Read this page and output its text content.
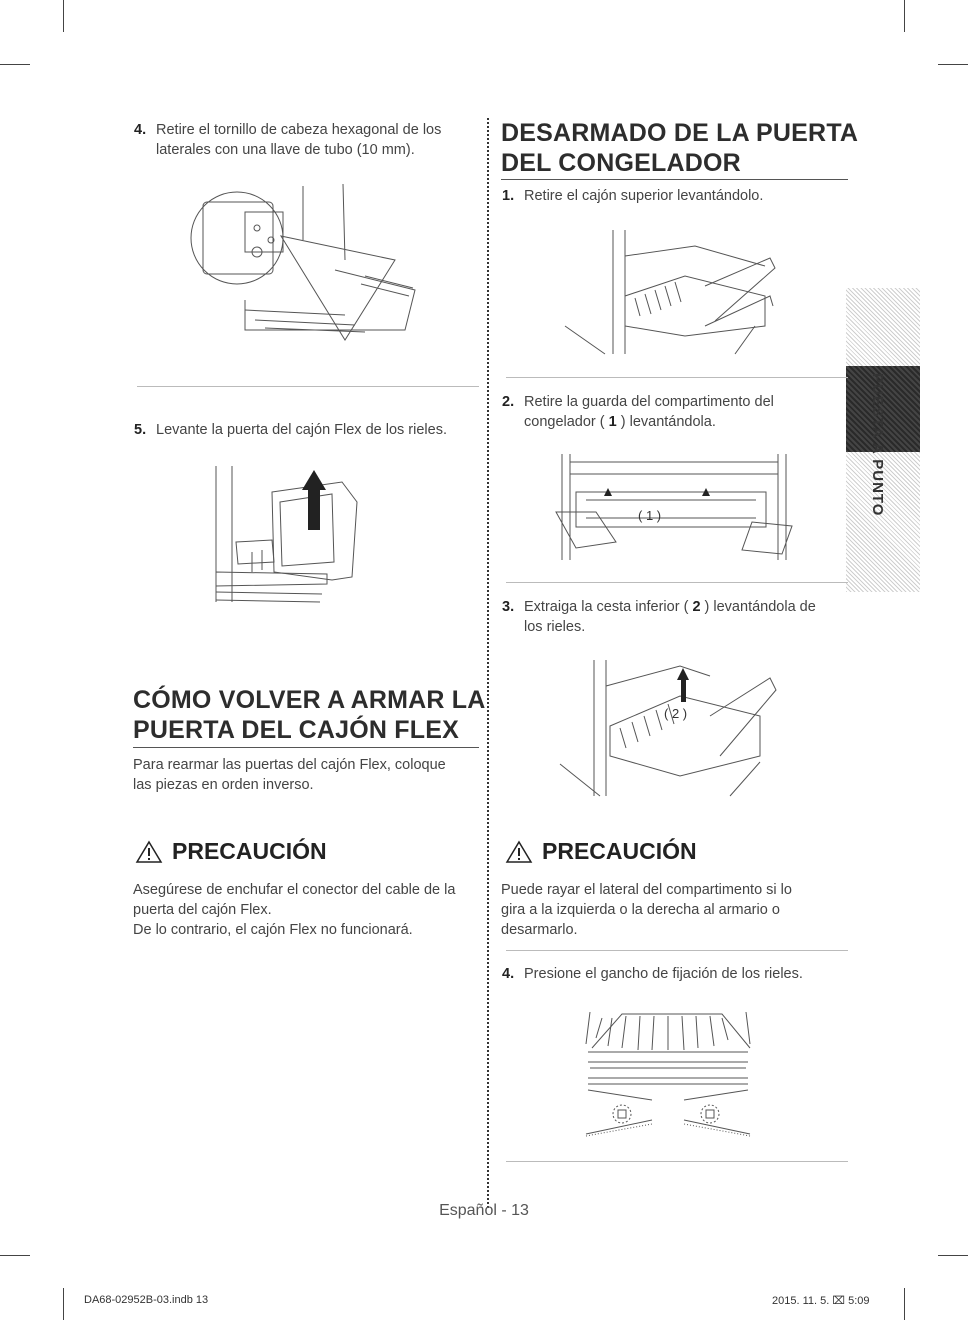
PUESTA A PUNTO
4. Retire el tornillo de cabeza hexagonal de los laterales con una llave de tubo (10 mm).
5. Levante la puerta del cajón Flex de los rieles.
CÓMO VOLVER A ARMAR LA
PUERTA DEL CAJÓN FLEX

Para rearmar las puertas del cajón Flex, coloque
las piezas en orden inverso.

PRECAUCIÓN

Asegúrese de enchufar el conector del cable de la
puerta del cajón Flex.
De lo contrario, el cajón Flex no funcionará.

DESARMADO DE LA PUERTA
DEL CONGELADOR
1. Retire el cajón superior levantándolo.
2. Retire la guarda del compartimento del congelador ( 1 ) levantándola.
( 1 )
3. Extraiga la cesta inferior ( 2 ) levantándola de los rieles.
( 2 )
PRECAUCIÓN

Puede rayar el lateral del compartimento si lo
gira a la izquierda o la derecha al armario o
desarmarlo.

4. Presione el gancho de fijación de los rieles.
Español - 13
DA68-02952B-03.indb 13	2015. 11. 5. ⌧ 5:09
